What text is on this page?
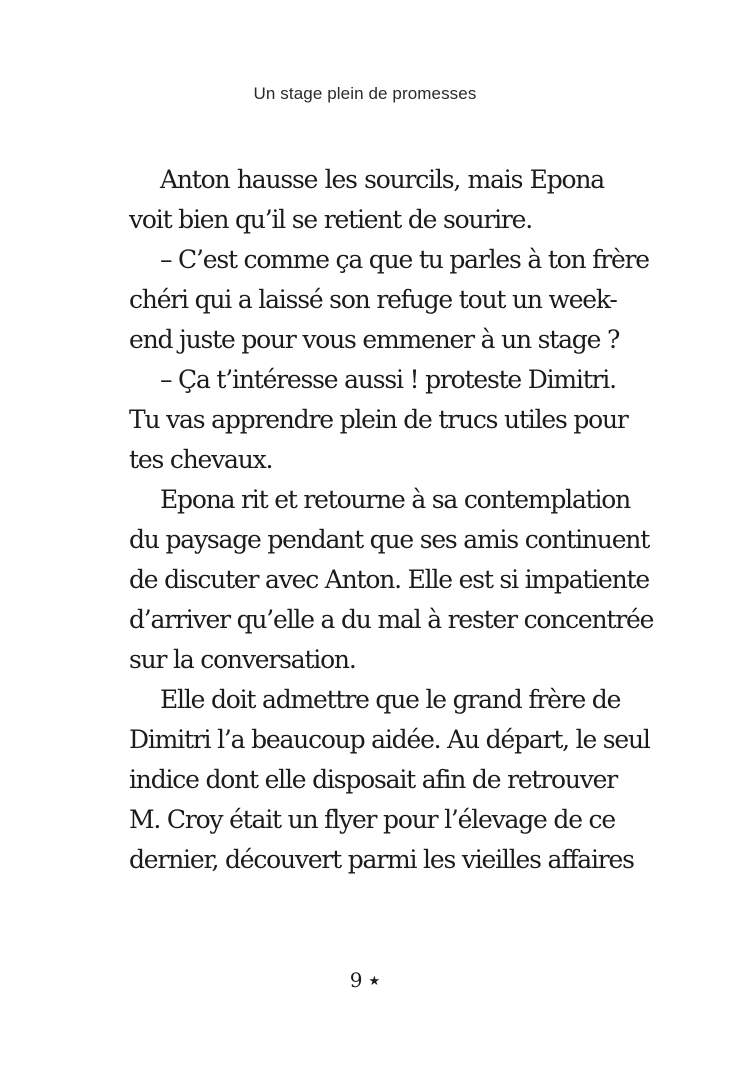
Un stage plein de promesses
Anton hausse les sourcils, mais Epona
voit bien qu’il se retient de sourire.
– C’est comme ça que tu parles à ton frère
chéri qui a laissé son refuge tout un week-
end juste pour vous emmener à un stage ?
– Ça t’intéresse aussi ! proteste Dimitri.
Tu vas apprendre plein de trucs utiles pour
tes chevaux.
Epona rit et retourne à sa contemplation
du paysage pendant que ses amis continuent
de discuter avec Anton. Elle est si impatiente
d’arriver qu’elle a du mal à rester concentrée
sur la conversation.
Elle doit admettre que le grand frère de
Dimitri l’a beaucoup aidée. Au départ, le seul
indice dont elle disposait afin de retrouver
M. Croy était un flyer pour l’élevage de ce
dernier, découvert parmi les vieilles affaires
9 ★
